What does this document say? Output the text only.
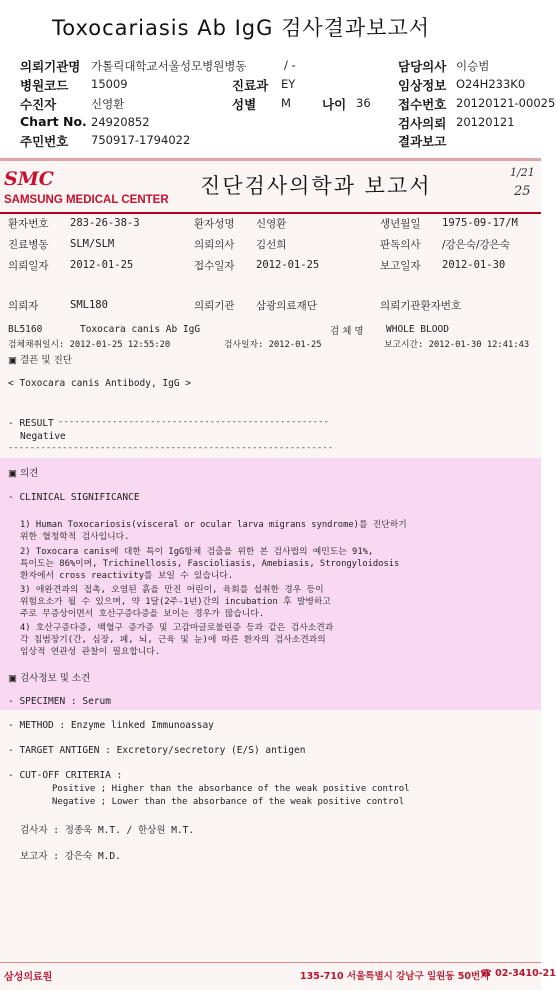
Toxocariasis Ab IgG 검사결과보고서
의뢰기관명 가톨릭대학교서울성모병원병동	/ -	담당의사 이승범
병원코드 15009	진료과 EY	임상정보 O24H233K0
수진자	신영환	성별 M 나이 36 접수번호 20120121-00025
Chart No. 24920852	검사의뢰 20120121
주민번호 750917-1794022	결과보고
SMC
SAMSUNG MEDICAL CENTER
진단검사의학과 보고서
1/21
25
환자번호 283-26-38-3	환자성명 신영환	생년월일 1975-09-17/M
진료병동 SLM/SLM	의뢰의사 김선희	판독의사 /강은숙/강은숙
의뢰일자 2012-01-25	접수일자 2012-01-25	보고일자 2012-01-30
의뢰자	SML180	의뢰기관 삼광의료재단	의뢰기관환자번호
BL5160	Toxocara canis Ab IgG	검 체 명 WHOLE BLOOD
검체채취일시: 2012-01-25 12:55:20	검사일자: 2012-01-25	보고시간: 2012-01-30 12:41:43
▣ 결픈 및 진단
< Toxocara canis Antibody, IgG >
--------------------------------------------------
- RESULT
Negative
------------------------------------------------------------
▣ 의견
- CLINICAL SIGNIFICANCE
1) Human Toxocariosis(visceral or ocular larva migrans syndrome)를 진단하기
위한 혈청학적 검사입니다.
2) Toxocara canis에 대한 특이 IgG항체 검출을 위한 본 검사법의 예민도는 91%,
특이도는 86%이며, Trichinellosis, Fascioliasis, Amebiasis, Strongyloidosis
환자에서 cross reactivity를 보일 수 있습니다.
3) 애완견과의 접촉, 오염된 흙을 만진 어린이, 육회를 섭취한 경우 등이
위험요소가 될 수 있으며, 약 1달(2주-1년)간의 incubation 후 발병하고
주로 무증상이면서 호산구증다증을 보이는 경우가 많습니다.
4) 호산구증다증, 백혈구 증가증 및 고감마글로불린증 등과 같은 검사소견과
각 침범장기(간, 심장, 폐, 뇌, 근육 및 눈)에 따른 환자의 검사소견과의
임상적 연관성 관찰이 필요합니다.
▣ 검사정보 및 소견
- SPECIMEN : Serum
- METHOD : Enzyme linked Immunoassay
- TARGET ANTIGEN : Excretory/secretory (E/S) antigen
- CUT-OFF CRITERIA :
Positive ; Higher than the absorbance of the weak positive control
Negative ; Lower than the absorbance of the weak positive control
검사자 : 정종욱 M.T. / 한상원 M.T.
보고자 : 강은숙 M.D.
삼성의료원	135-710 서울특별시 강남구 일원동 50번지
☎ 02-3410-21
